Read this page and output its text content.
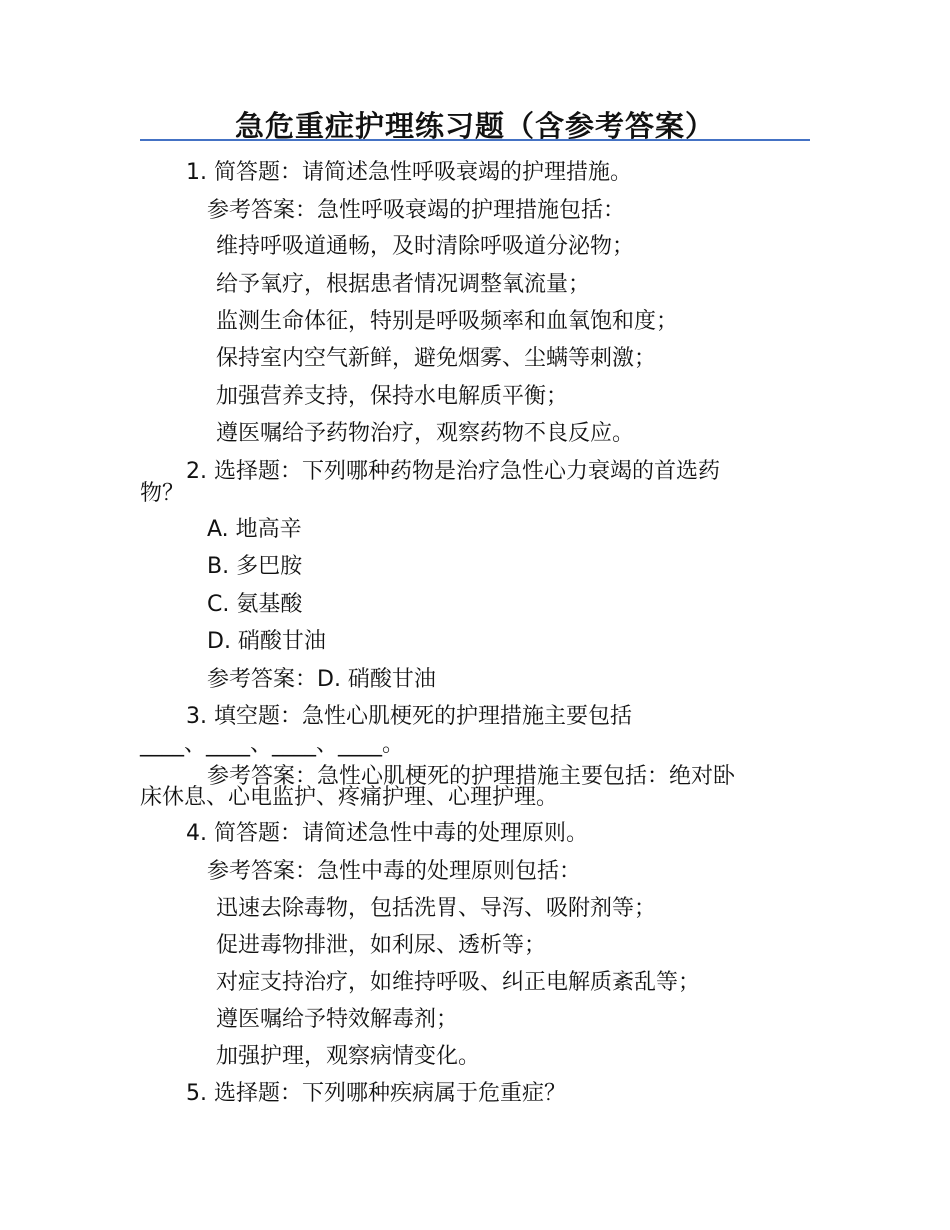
急危重症护理练习题（含参考答案）
1. 简答题：请简述急性呼吸衰竭的护理措施。
参考答案：急性呼吸衰竭的护理措施包括：
维持呼吸道通畅，及时清除呼吸道分泌物；
给予氧疗，根据患者情况调整氧流量；
监测生命体征，特别是呼吸频率和血氧饱和度；
保持室内空气新鲜，避免烟雾、尘螨等刺激；
加强营养支持，保持水电解质平衡；
遵医嘱给予药物治疗，观察药物不良反应。
2. 选择题：下列哪种药物是治疗急性心力衰竭的首选药
物？
A. 地高辛
B. 多巴胺
C. 氨基酸
D. 硝酸甘油
参考答案：D. 硝酸甘油
3. 填空题：急性心肌梗死的护理措施主要包括
____、____、____、____。
参考答案：急性心肌梗死的护理措施主要包括：绝对卧
床休息、心电监护、疼痛护理、心理护理。
4. 简答题：请简述急性中毒的处理原则。
参考答案：急性中毒的处理原则包括：
迅速去除毒物，包括洗胃、导泻、吸附剂等；
促进毒物排泄，如利尿、透析等；
对症支持治疗，如维持呼吸、纠正电解质紊乱等；
遵医嘱给予特效解毒剂；
加强护理，观察病情变化。
5. 选择题：下列哪种疾病属于危重症？
